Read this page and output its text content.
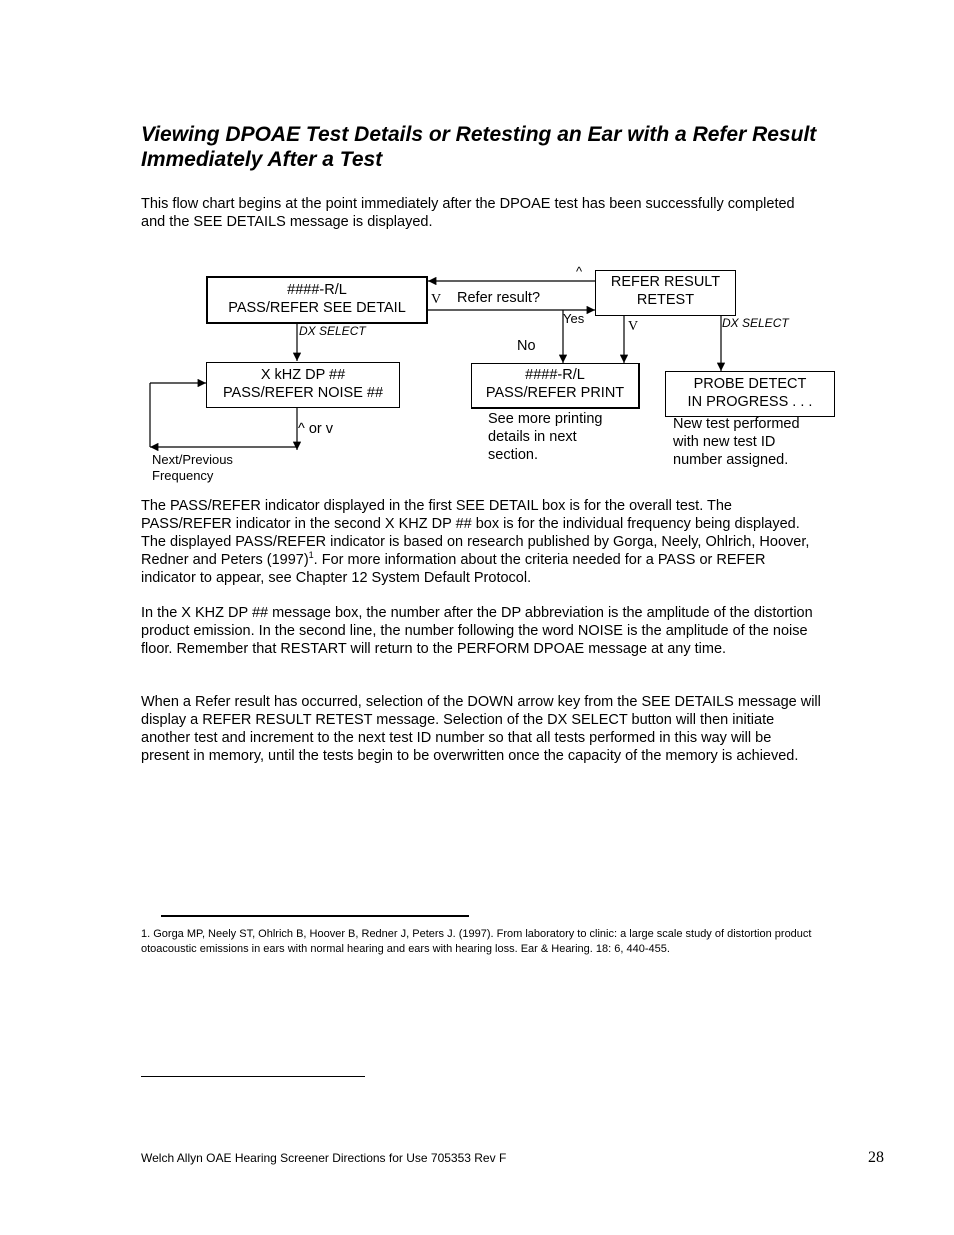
Viewing DPOAE Test Details or Retesting an Ear with a Refer Result Immediately After a Test

This flow chart begins at the point immediately after the DPOAE test has been successfully completed and the SEE DETAILS message is displayed.

####-R/L
PASS/REFER SEE DETAIL
REFER RESULT
RETEST
X kHZ DP ##
PASS/REFER NOISE ##
####-R/L
PASS/REFER PRINT
PROBE DETECT
IN PROGRESS . . .
^
V Refer result?
Yes
V	DX SELECT
DX SELECT
No
^ or v
Next/Previous
Frequency
See more printing
details in next
section.
New test performed
with new test ID
number assigned.

The PASS/REFER indicator displayed in the first SEE DETAIL box is for the overall test. The PASS/REFER indicator in the second X KHZ DP ## box is for the individual frequency being displayed. The displayed PASS/REFER indicator is based on research published by Gorga, Neely, Ohlrich, Hoover, Redner and Peters $(1997)^1$. For more information about the criteria needed for a PASS or REFER indicator to appear, see Chapter 12 System Default Protocol.

In the X KHZ DP ## message box, the number after the DP abbreviation is the amplitude of the distortion product emission. In the second line, the number following the word NOISE is the amplitude of the noise floor. Remember that RESTART will return to the PERFORM DPOAE message at any time.

When a Refer result has occurred, selection of the DOWN arrow key from the SEE DETAILS message will display a REFER RESULT RETEST message. Selection of the DX SELECT button will then initiate another test and increment to the next test ID number so that all tests performed in this way will be present in memory, until the tests begin to be overwritten once the capacity of the memory is achieved.

1. Gorga MP, Neely ST, Ohlrich B, Hoover B, Redner J, Peters J. (1997). From laboratory to clinic: a large scale study of distortion product otoacoustic emissions in ears with normal hearing and ears with hearing loss. Ear & Hearing. 18: 6, 440-455.

Welch Allyn OAE Hearing Screener Directions for Use 705353 Rev F	28
